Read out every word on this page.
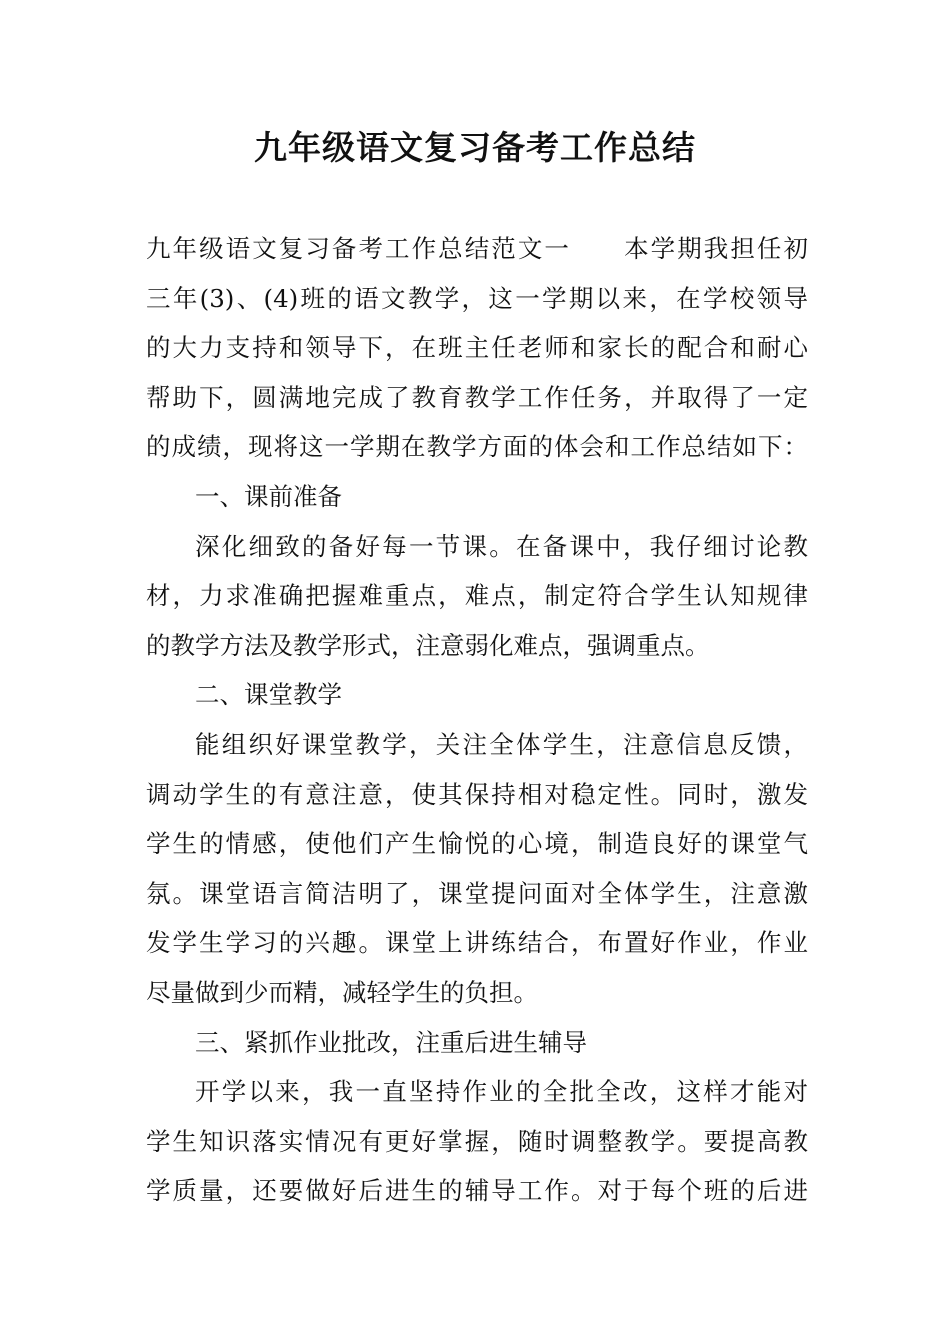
九年级语文复习备考工作总结

九年级语文复习备考工作总结范文一　　本学期我担任初
三年(3)、(4)班的语文教学，这一学期以来，在学校领导
的大力支持和领导下，在班主任老师和家长的配合和耐心
帮助下，圆满地完成了教育教学工作任务，并取得了一定
的成绩，现将这一学期在教学方面的体会和工作总结如下：

一、课前准备

深化细致的备好每一节课。在备课中，我仔细讨论教
材，力求准确把握难重点，难点，制定符合学生认知规律
的教学方法及教学形式，注意弱化难点，强调重点。

二、课堂教学

能组织好课堂教学，关注全体学生，注意信息反馈，
调动学生的有意注意，使其保持相对稳定性。同时，激发
学生的情感，使他们产生愉悦的心境，制造良好的课堂气
氛。课堂语言简洁明了，课堂提问面对全体学生，注意激
发学生学习的兴趣。课堂上讲练结合，布置好作业，作业
尽量做到少而精，减轻学生的负担。

三、紧抓作业批改，注重后进生辅导

开学以来，我一直坚持作业的全批全改，这样才能对
学生知识落实情况有更好掌握，随时调整教学。要提高教
学质量，还要做好后进生的辅导工作。对于每个班的后进
